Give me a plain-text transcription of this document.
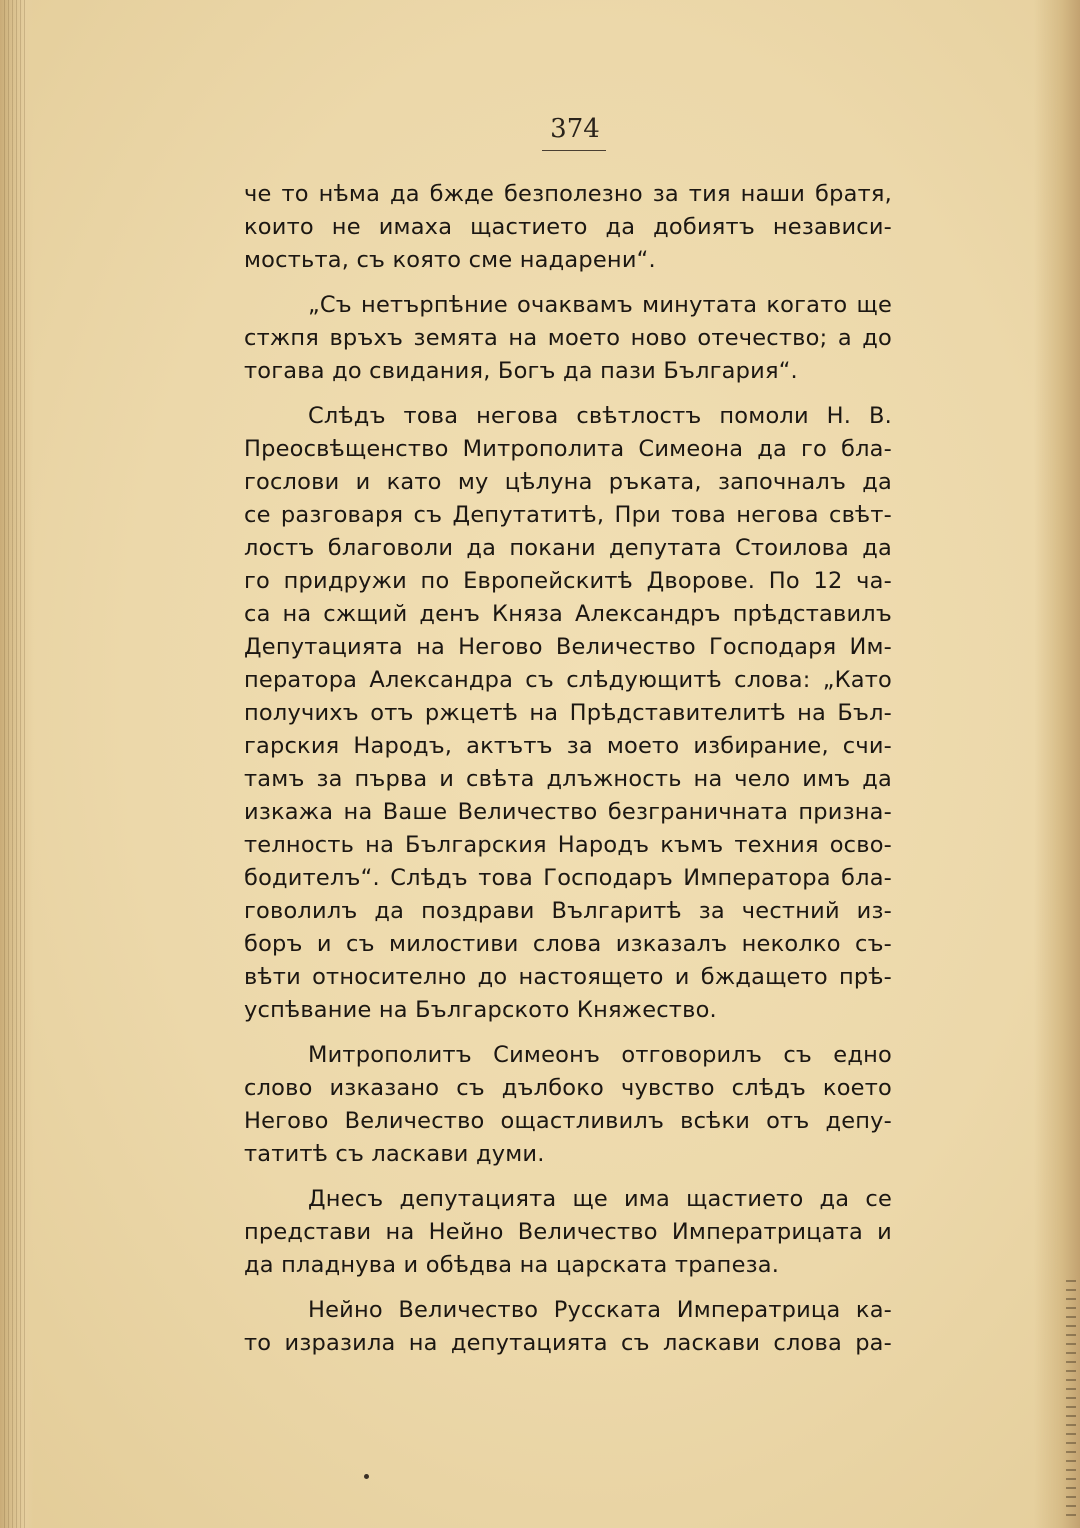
374
че то нѣма да бжде безполезно за тия наши братя,
които не имаха щастието да добиятъ независи-
мостьта, съ която сме надарени“.
„Съ нетърпѣние очаквамъ минутата когато ще
стжпя връхъ земята на моето ново отечество; а до
тогава до свидания, Богъ да пази България“.
Слѣдъ това негова свѣтлостъ помоли Н. В.
Преосвѣщенство Митрополита Симеона да го бла-
гослови и като му цѣлуна ръката, започналъ да
се разговаря съ Депутатитѣ, При това негова свѣт-
лостъ благоволи да покани депутата Стоилова да
го придружи по Европейскитѣ Дворове. По 12 ча-
са на сжщий денъ Княза Александръ прѣдставилъ
Депутацията на Негово Величество Господаря Им-
ператора Александра съ слѣдующитѣ слова: „Като
получихъ отъ ржцетѣ на Прѣдставителитѣ на Бъл-
гарския Народъ, актътъ за моето избирание, счи-
тамъ за първа и свѣта длъжность на чело имъ да
изкажа на Ваше Величество безграничната призна-
телность на Българския Народъ къмъ техния осво-
бодителъ“. Слѣдъ това Господаръ Императора бла-
говолилъ да поздрави Вългаритѣ за честний из-
боръ и съ милостиви слова изказалъ неколко съ-
вѣти относително до настоящето и бждащето прѣ-
успѣвание на Българското Княжество.
Митрополитъ Симеонъ отговорилъ съ едно
слово изказано съ дълбоко чувство слѣдъ което
Негово Величество ощастливилъ всѣки отъ депу-
татитѣ съ ласкави думи.
Днесъ депутацията ще има щастието да се
представи на Нейно Величество Императрицата и
да пладнува и обѣдва на царската трапеза.
Нейно Величество Русската Императрица ка-
то изразила на депутацията съ ласкави слова ра-
